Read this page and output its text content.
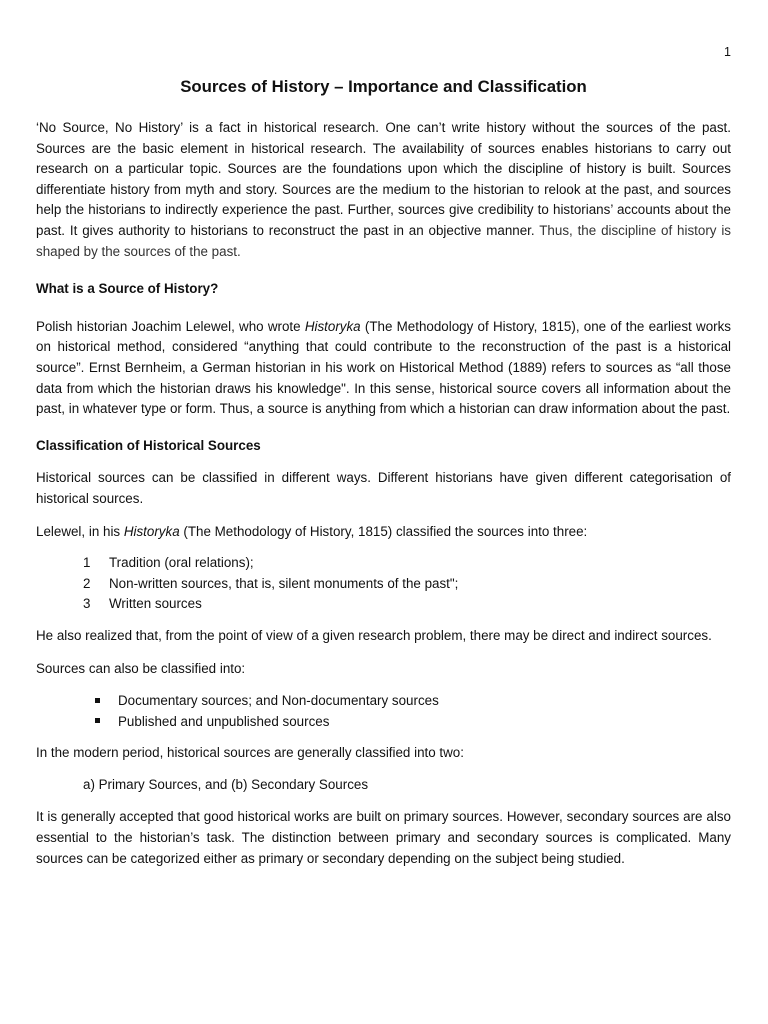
1
Sources of History – Importance and Classification

‘No Source, No History’ is a fact in historical research. One can’t write history without the sources of the past. Sources are the basic element in historical research. The availability of sources enables historians to carry out research on a particular topic. Sources are the foundations upon which the discipline of history is built. Sources differentiate history from myth and story. Sources are the medium to the historian to relook at the past, and sources help the historians to indirectly experience the past. Further, sources give credibility to historians’ accounts about the past. It gives authority to historians to reconstruct the past in an objective manner. Thus, the discipline of history is shaped by the sources of the past.

What is a Source of History?

Polish historian Joachim Lelewel, who wrote Historyka (The Methodology of History, 1815), one of the earliest works on historical method, considered “anything that could contribute to the reconstruction of the past is a historical source”. Ernst Bernheim, a German historian in his work on Historical Method (1889) refers to sources as “all those data from which the historian draws his knowledge". In this sense, historical source covers all information about the past, in whatever type or form. Thus, a source is anything from which a historian can draw information about the past.

Classification of Historical Sources

Historical sources can be classified in different ways. Different historians have given different categorisation of historical sources.

Lelewel, in his Historyka (The Methodology of History, 1815) classified the sources into three:

1 Tradition (oral relations);
2 Non-written sources, that is, silent monuments of the past";
3 Written sources

He also realized that, from the point of view of a given research problem, there may be direct and indirect sources.

Sources can also be classified into:

Documentary sources; and Non-documentary sources
Published and unpublished sources

In the modern period, historical sources are generally classified into two:

a) Primary Sources, and (b) Secondary Sources

It is generally accepted that good historical works are built on primary sources. However, secondary sources are also essential to the historian’s task. The distinction between primary and secondary sources is complicated. Many sources can be categorized either as primary or secondary depending on the subject being studied.
